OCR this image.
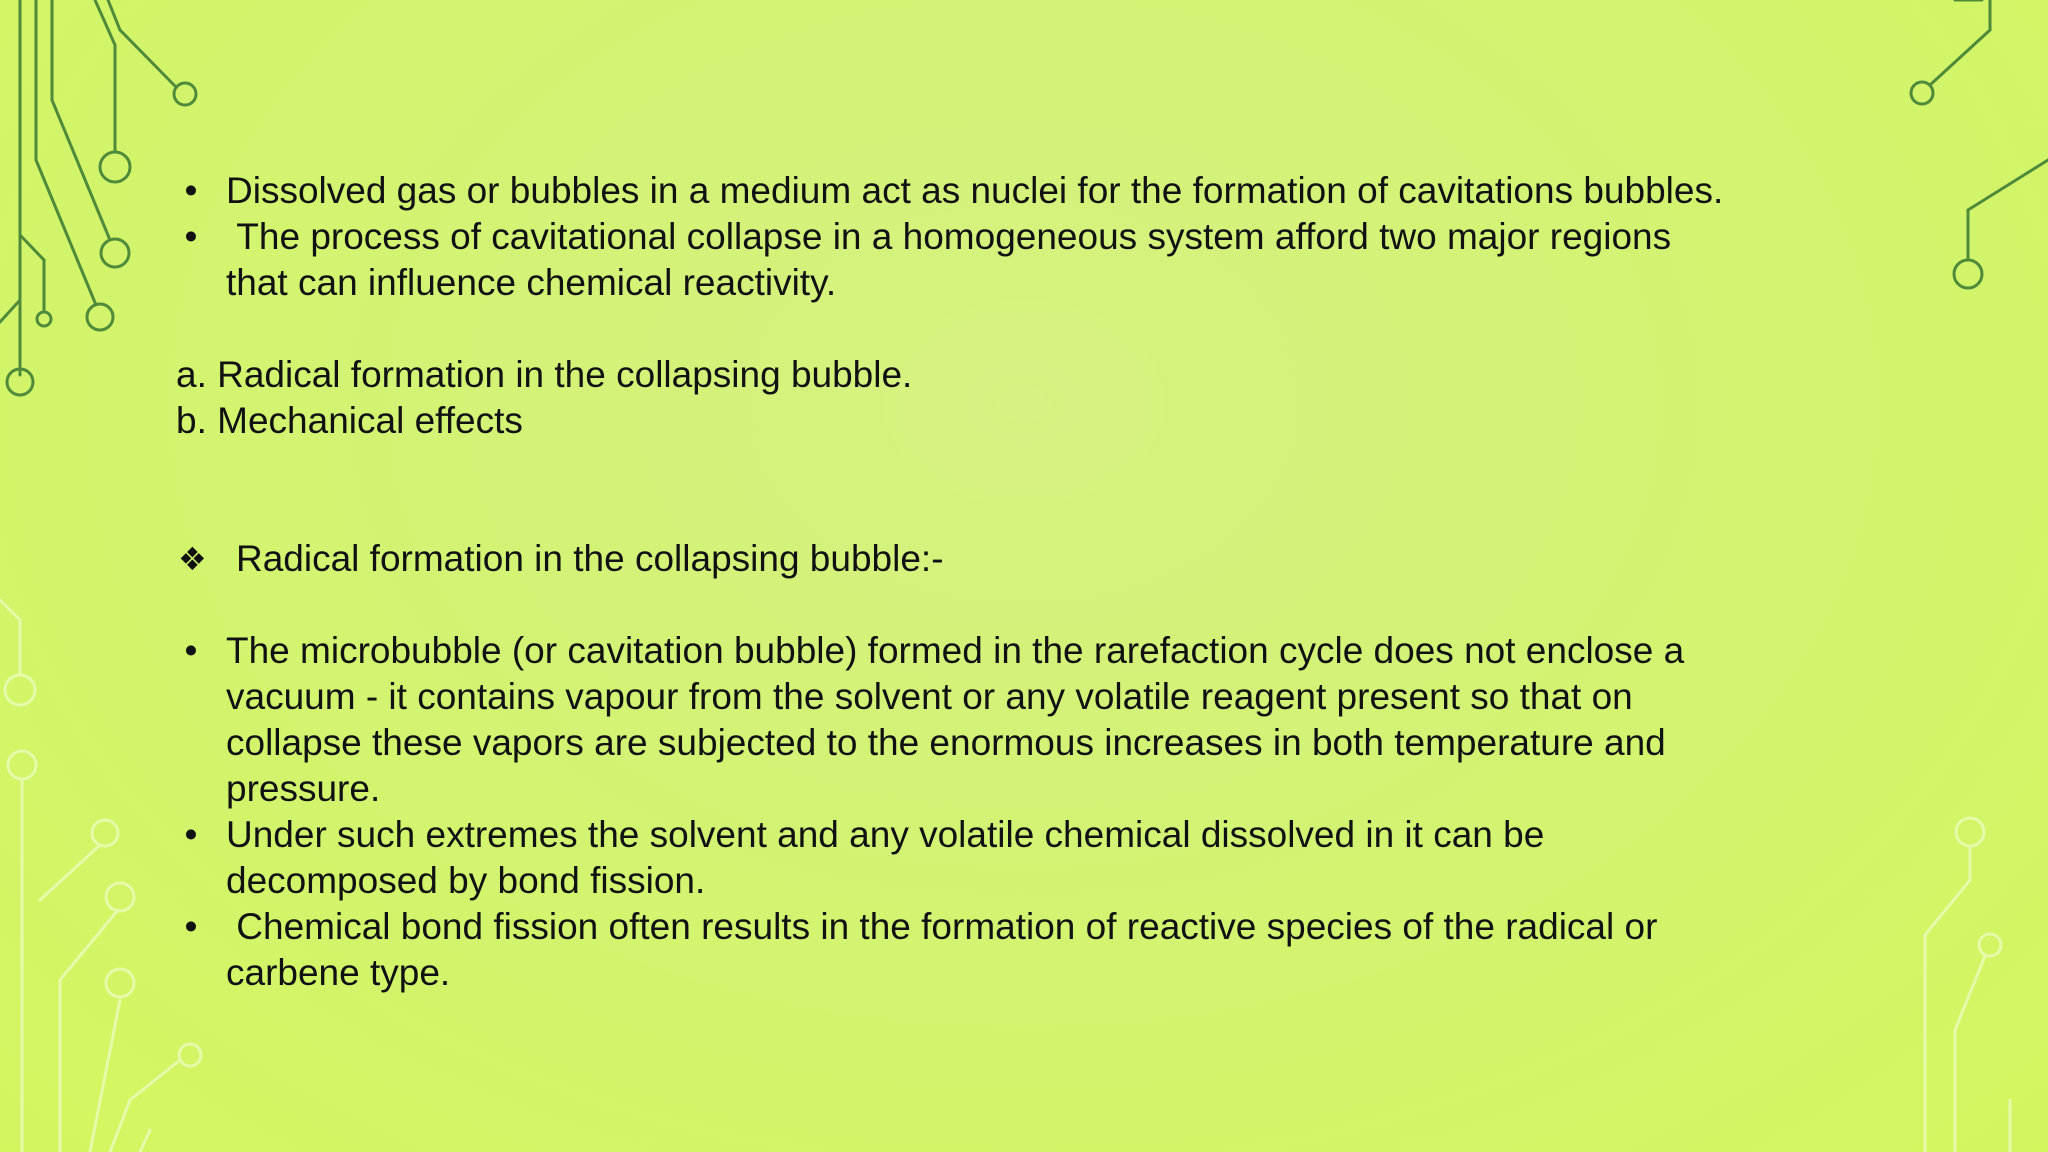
• Dissolved gas or bubbles in a medium act as nuclei for the formation of cavitations bubbles.
• The process of cavitational collapse in a homogeneous system afford two major regions that can influence chemical reactivity.
a. Radical formation in the collapsing bubble.
b. Mechanical effects
❖ Radical formation in the collapsing bubble:-
• The microbubble (or cavitation bubble) formed in the rarefaction cycle does not enclose a vacuum - it contains vapour from the solvent or any volatile reagent present so that on collapse these vapors are subjected to the enormous increases in both temperature and pressure.
• Under such extremes the solvent and any volatile chemical dissolved in it can be decomposed by bond fission.
• Chemical bond fission often results in the formation of reactive species of the radical or carbene type.
